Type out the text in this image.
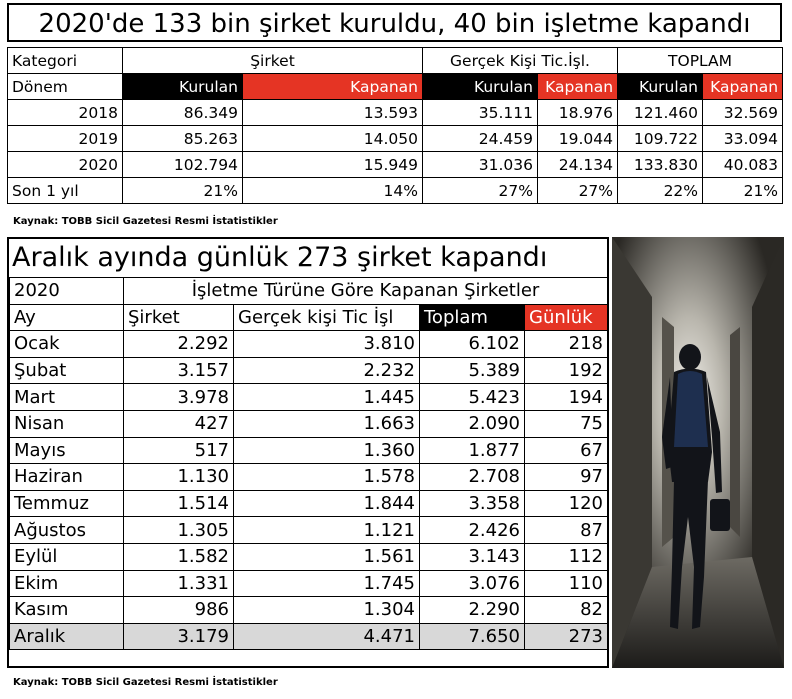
2020'de 133 bin şirket kuruldu, 40 bin işletme kapandı
Kategori	Şirket		Gerçek Kişi Tic.İşl.		TOPLAM	
Dönem	Kurulan	Kapanan	Kurulan	Kapanan	Kurulan	Kapanan
2018	86.349	13.593	35.111	18.976	121.460	32.569
2019	85.263	14.050	24.459	19.044	109.722	33.094
2020	102.794	15.949	31.036	24.134	133.830	40.083
Son 1 yıl	21%	14%	27%	27%	22%	21%
Kaynak: TOBB Sicil Gazetesi Resmi İstatistikler
Aralık ayında günlük 273 şirket kapandı
2020	İşletme Türüne Göre Kapanan Şirketler			
Ay	Şirket	Gerçek kişi Tic İşl	Toplam	Günlük
Ocak	2.292	3.810	6.102	218
Şubat	3.157	2.232	5.389	192
Mart	3.978	1.445	5.423	194
Nisan	427	1.663	2.090	75
Mayıs	517	1.360	1.877	67
Haziran	1.130	1.578	2.708	97
Temmuz	1.514	1.844	3.358	120
Ağustos	1.305	1.121	2.426	87
Eylül	1.582	1.561	3.143	112
Ekim	1.331	1.745	3.076	110
Kasım	986	1.304	2.290	82
Aralık	3.179	4.471	7.650	273
Kaynak: TOBB Sicil Gazetesi Resmi İstatistikler
